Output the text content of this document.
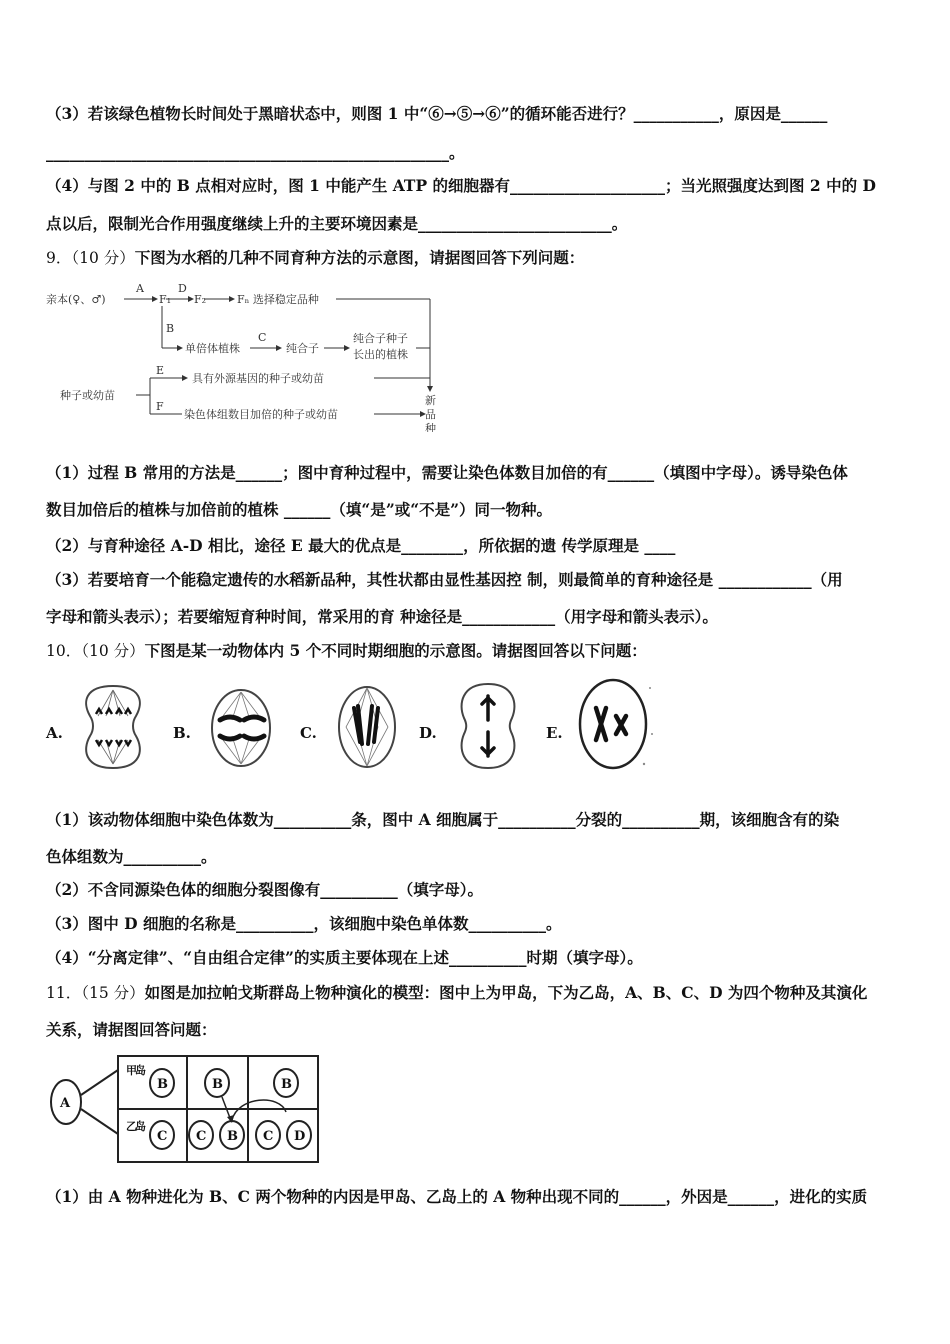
（3）若该绿色植物长时间处于黑暗状态中，则图 1 中“⑥→⑤→⑥”的循环能否进行？___________，原因是______
____________________________________________________。
（4）与图 2 中的 B 点相对应时，图 1 中能产生 ATP 的细胞器有____________________；当光照强度达到图 2 中的 D
点以后，限制光合作用强度继续上升的主要环境因素是_________________________。
9．（10 分）下图为水稻的几种不同育种方法的示意图，请据图回答下列问题：
亲本(♀、♂)
A
F₁
D
F₂	Fₙ 选择稳定品种
B
单倍体植株
C
纯合子
纯合子种子
长出的植株
种子或幼苗
E
具有外源基因的种子或幼苗
F
染色体组数目加倍的种子或幼苗
新
品
种
（1）过程 B 常用的方法是______；图中育种过程中，需要让染色体数目加倍的有______（填图中字母）。诱导染色体
数目加倍后的植株与加倍前的植株 ______（填“是”或“不是”）同一物种。
（2）与育种途径 A-D 相比，途径 E 最大的优点是________，所依据的遗 传学原理是 ____
（3）若要培育一个能稳定遗传的水稻新品种，其性状都由显性基因控 制，则最简单的育种途径是 ____________（用
字母和箭头表示）；若要缩短育种时间，常采用的育 种途径是____________（用字母和箭头表示）。
10．（10 分）下图是某一动物体内 5 个不同时期细胞的示意图。请据图回答以下问题：
A.	B.	C.	D.	E.
（1）该动物体细胞中染色体数为__________条，图中 A 细胞属于__________分裂的__________期，该细胞含有的染
色体组数为__________。
（2）不含同源染色体的细胞分裂图像有__________（填字母）。
（3）图中 D 细胞的名称是__________，该细胞中染色单体数__________。
（4）“分离定律”、“自由组合定律”的实质主要体现在上述__________时期（填字母）。
11．（15 分）如图是加拉帕戈斯群岛上物种演化的模型：图中上为甲岛，下为乙岛，A、B、C、D 为四个物种及其演化
关系，请据图回答问题：
A
B	B	B
C C B C D
甲岛
乙岛
（1）由 A 物种进化为 B、C 两个物种的内因是甲岛、乙岛上的 A 物种出现不同的______，外因是______，进化的实质
